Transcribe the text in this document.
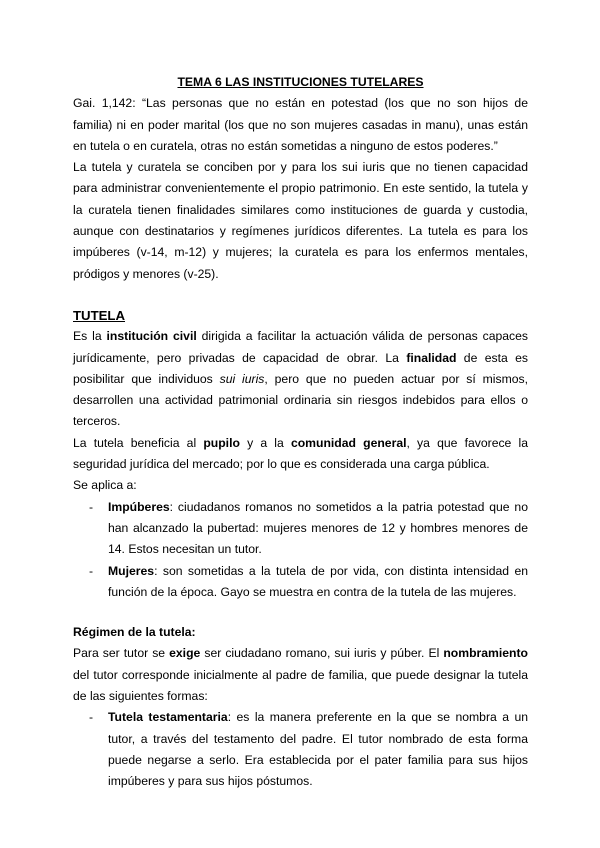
TEMA 6 LAS INSTITUCIONES TUTELARES

Gai. 1,142: “Las personas que no están en potestad (los que no son hijos de familia) ni en poder marital (los que no son mujeres casadas in manu), unas están en tutela o en curatela, otras no están sometidas a ninguno de estos poderes.”

La tutela y curatela se conciben por y para los sui iuris que no tienen capacidad para administrar convenientemente el propio patrimonio. En este sentido, la tutela y la curatela tienen finalidades similares como instituciones de guarda y custodia, aunque con destinatarios y regímenes jurídicos diferentes. La tutela es para los impúberes (v-14, m-12) y mujeres; la curatela es para los enfermos mentales, pródigos y menores (v-25).

TUTELA

Es la institución civil dirigida a facilitar la actuación válida de personas capaces jurídicamente, pero privadas de capacidad de obrar. La finalidad de esta es posibilitar que individuos sui iuris, pero que no pueden actuar por sí mismos, desarrollen una actividad patrimonial ordinaria sin riesgos indebidos para ellos o terceros.

La tutela beneficia al pupilo y a la comunidad general, ya que favorece la seguridad jurídica del mercado; por lo que es considerada una carga pública.

Se aplica a:

- Impúberes: ciudadanos romanos no sometidos a la patria potestad que no han alcanzado la pubertad: mujeres menores de 12 y hombres menores de 14. Estos necesitan un tutor.
- Mujeres: son sometidas a la tutela de por vida, con distinta intensidad en función de la época. Gayo se muestra en contra de la tutela de las mujeres.

Régimen de la tutela:

Para ser tutor se exige ser ciudadano romano, sui iuris y púber. El nombramiento del tutor corresponde inicialmente al padre de familia, que puede designar la tutela de las siguientes formas:

- Tutela testamentaria: es la manera preferente en la que se nombra a un tutor, a través del testamento del padre. El tutor nombrado de esta forma puede negarse a serlo. Era establecida por el pater familia para sus hijos impúberes y para sus hijos póstumos.
